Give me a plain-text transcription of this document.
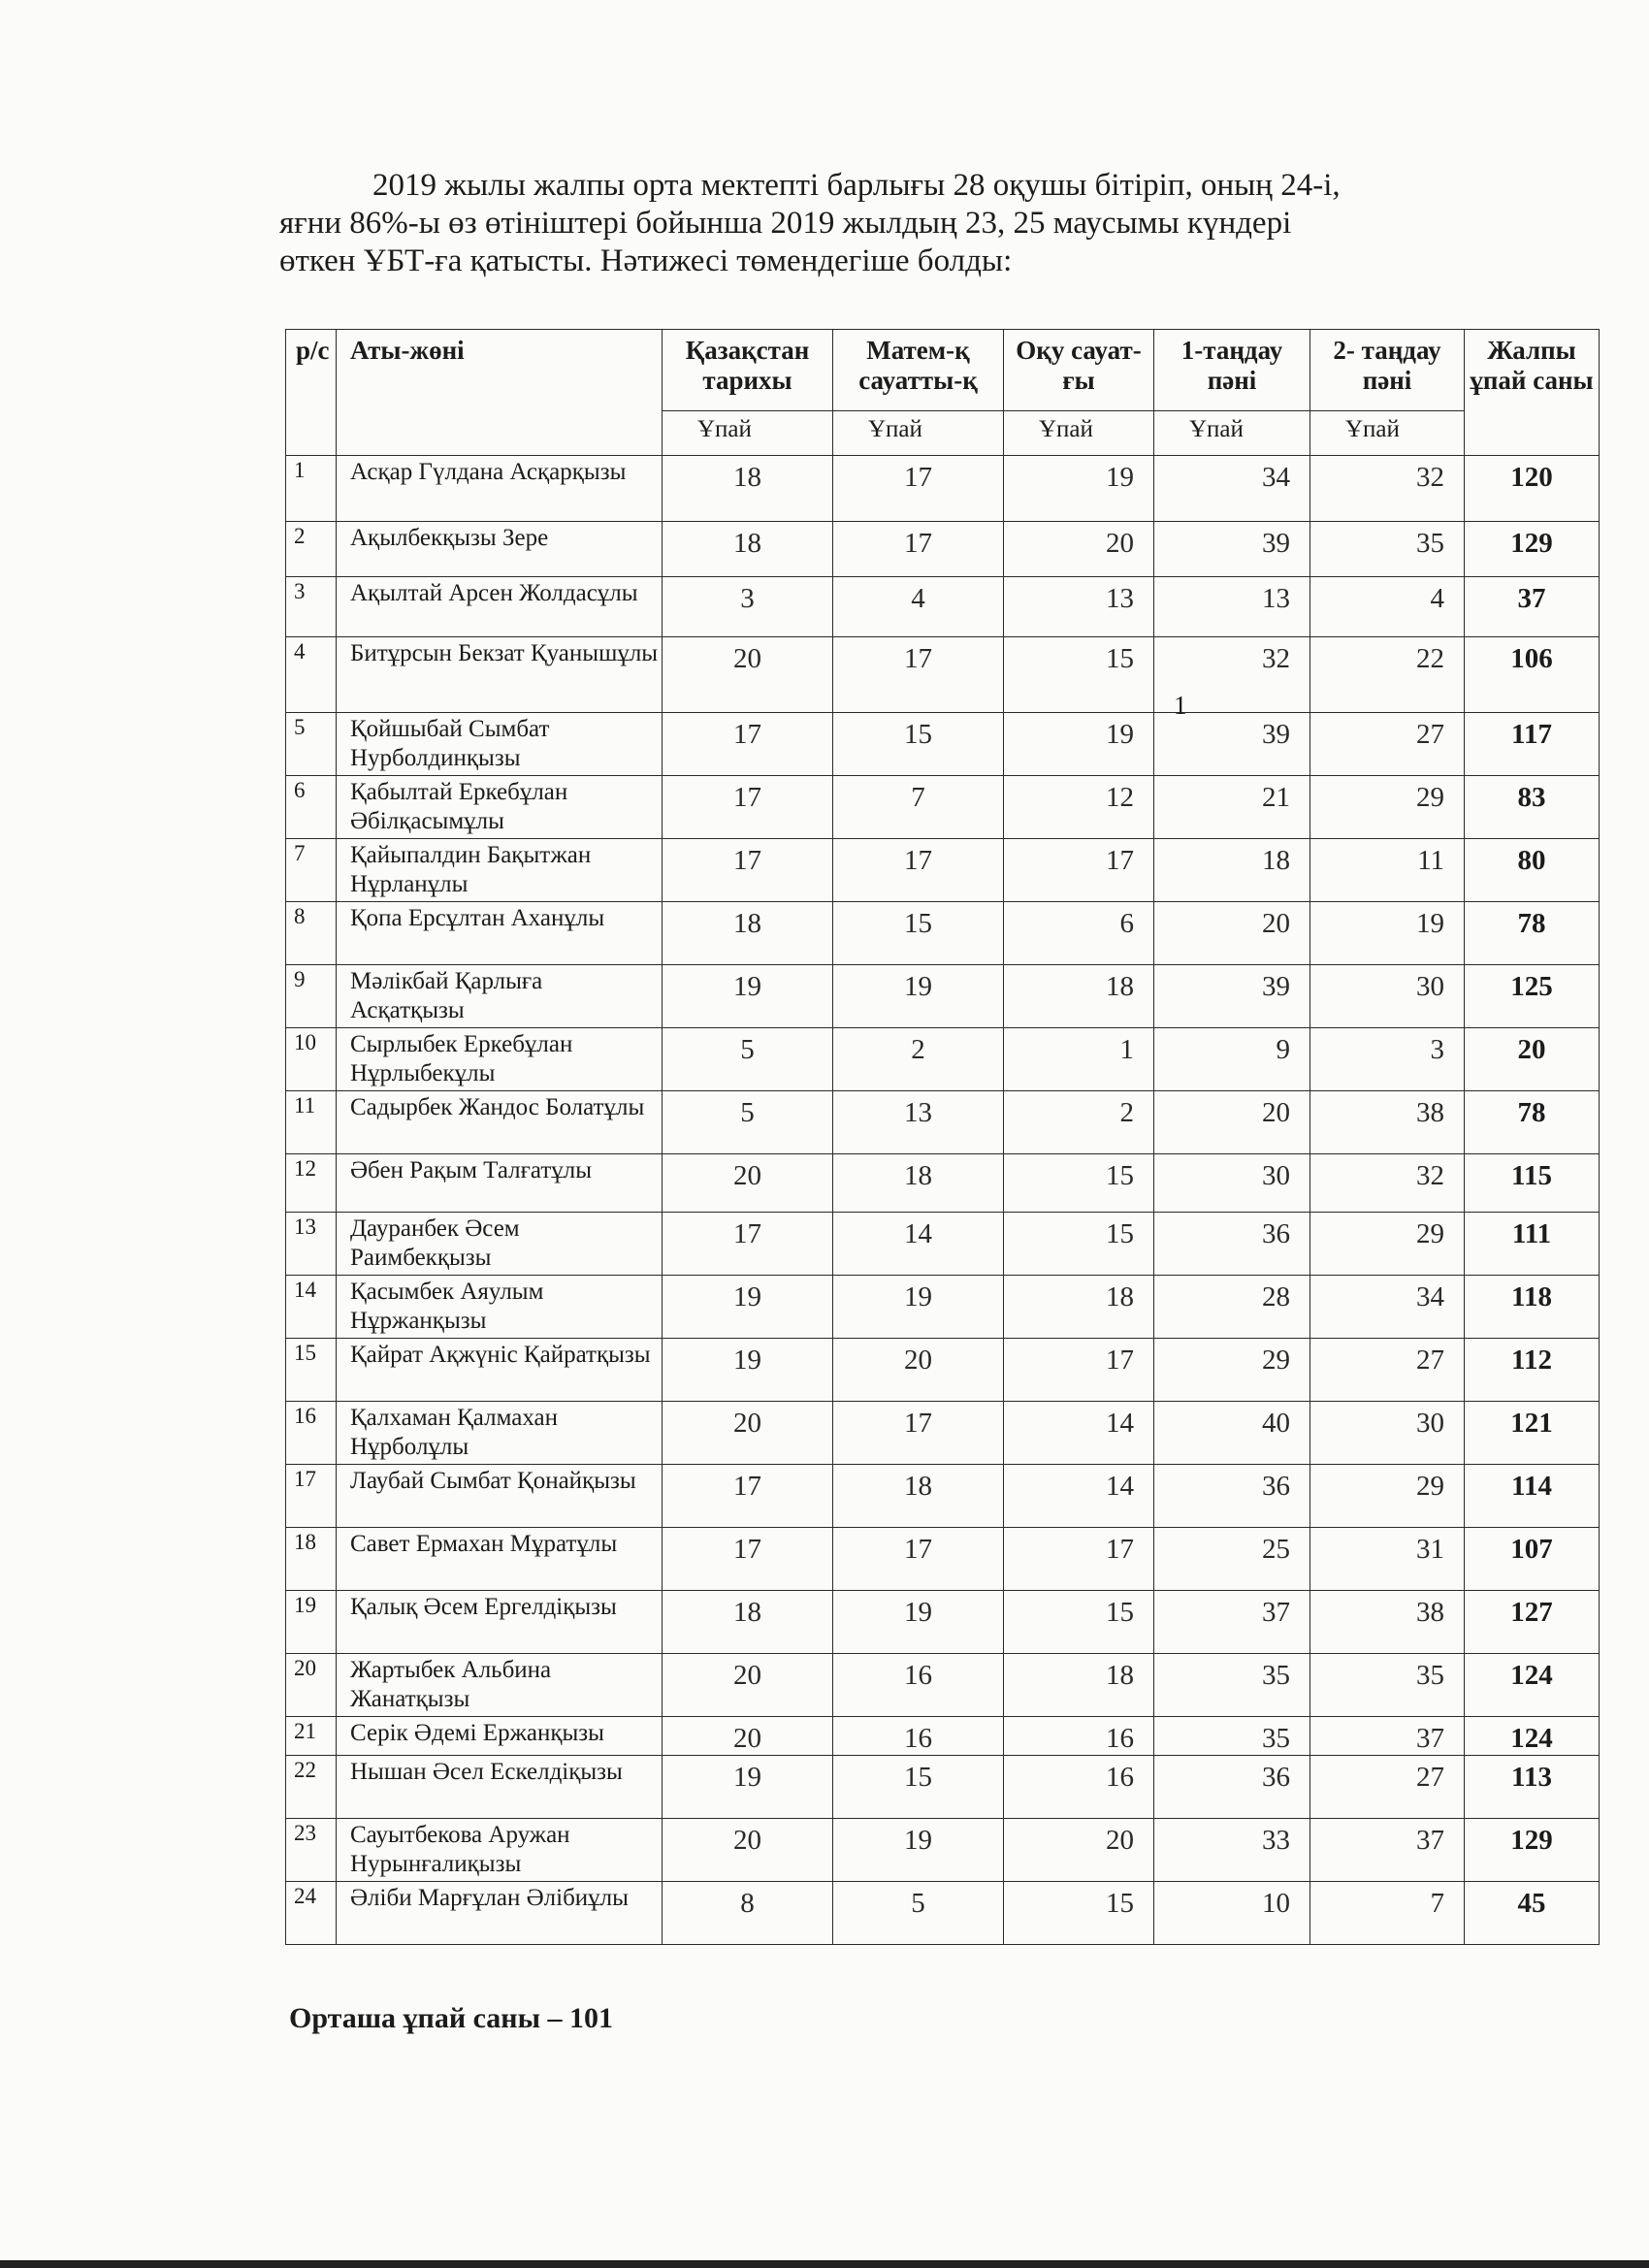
2019 жылы жалпы орта мектепті барлығы 28 оқушы бітіріп, оның 24-і,

яғни 86%-ы өз өтініштері бойынша 2019 жылдың 23, 25 маусымы күндері

өткен ҰБТ-ға қатысты. Нәтижесі төмендегіше болды:

р/с	Аты-жөні	Қазақстан тарихы	Матем-қ сауатты-қ	Оқу сауат-ғы	1-таңдау пәні	2- таңдау пәні	Жалпы ұпай саны
		Ұпай	Ұпай	Ұпай	Ұпай	Ұпай	
1	Асқар Гүлдана Асқарқызы	18	17	19	34	32	120
2	Ақылбекқызы Зере	18	17	20	39	35	129
3	Ақылтай Арсен Жолдасұлы	3	4	13	13	4	37
4	Битұрсын Бекзат Қуанышұлы	20	17	15	32	22	106
5	Қойшыбай Сымбат Нурболдинқызы	17	15	19	39	27	117
6	Қабылтай Еркебұлан Әбілқасымұлы	17	7	12	21	29	83
7	Қайыпалдин Бақытжан Нұрланұлы	17	17	17	18	11	80
8	Қопа Ерсұлтан Аханұлы	18	15	6	20	19	78
9	Мәлікбай Қарлығa Асқатқызы	19	19	18	39	30	125
10	Сырлыбек Еркебұлан Нұрлыбекұлы	5	2	1	9	3	20
11	Садырбек Жандос Болатұлы	5	13	2	20	38	78
12	Әбен Рақым Талғатұлы	20	18	15	30	32	115
13	Дауранбек Әсем Раимбекқызы	17	14	15	36	29	111
14	Қасымбек Аяулым Нұржанқызы	19	19	18	28	34	118
15	Қайрат Ақжүніс Қайратқызы	19	20	17	29	27	112
16	Қалхаман Қалмахан Нұрболұлы	20	17	14	40	30	121
17	Лаубай Сымбат Қонайқызы	17	18	14	36	29	114
18	Савет Ермахан Мұратұлы	17	17	17	25	31	107
19	Қалық Әсем Ергелдіқызы	18	19	15	37	38	127
20	Жартыбек Альбина Жанатқызы	20	16	18	35	35	124
21	Серік Әдемі Ержанқызы	20	16	16	35	37	124
22	Нышан Әсел Ескелдіқызы	19	15	16	36	27	113
23	Сауытбекова Аружан Нурынғалиқызы	20	19	20	33	37	129
24	Әліби Марғұлан Әлібиұлы	8	5	15	10	7	45
1
Орташа ұпай саны – 101
